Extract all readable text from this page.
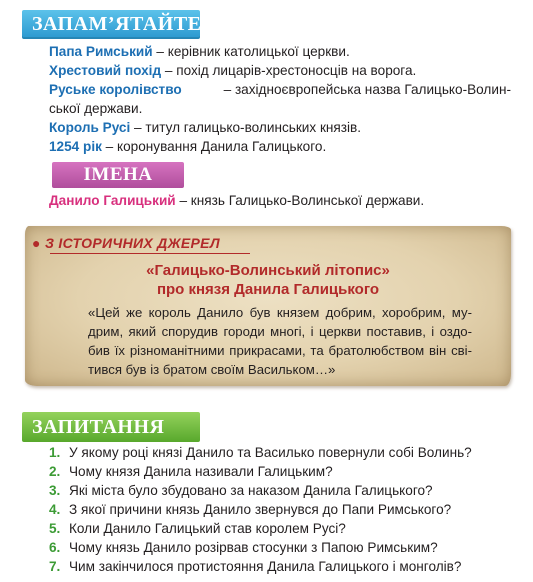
ЗАПАМ’ЯТАЙТЕ
Папа Римський – керівник католицької церкви.
Хрестовий похід – похід лицарів-хрестоносців на ворога.
Руське королівство	– західноєвропейська назва Галицько-Волин-
ської держави.
Король Русі – титул галицько-волинських князів.
1254 рік – коронування Данила Галицького.
ІМЕНА
Данило Галицький – князь Галицько-Волинської держави.
● З ІСТОРИЧНИХ ДЖЕРЕЛ
«Галицько-Волинський літопис»
про князя Данила Галицького
«Цей же король Данило був князем добрим, хоробрим, му-
дрим, який спорудив городи многі, і церкви поставив, і оздо-
бив їх різноманітними прикрасами, та братолюбством він сві-
тився був із братом своїм Васильком…»
ЗАПИТАННЯ
1. У якому році князі Данило та Василько повернули собі Волинь?
2. Чому князя Данила називали Галицьким?
3. Які міста було збудовано за наказом Данила Галицького?
4. З якої причини князь Данило звернувся до Папи Римського?
5. Коли Данило Галицький став королем Русі?
6. Чому князь Данило розірвав стосунки з Папою Римським?
7. Чим закінчилося протистояння Данила Галицького і монголів?
